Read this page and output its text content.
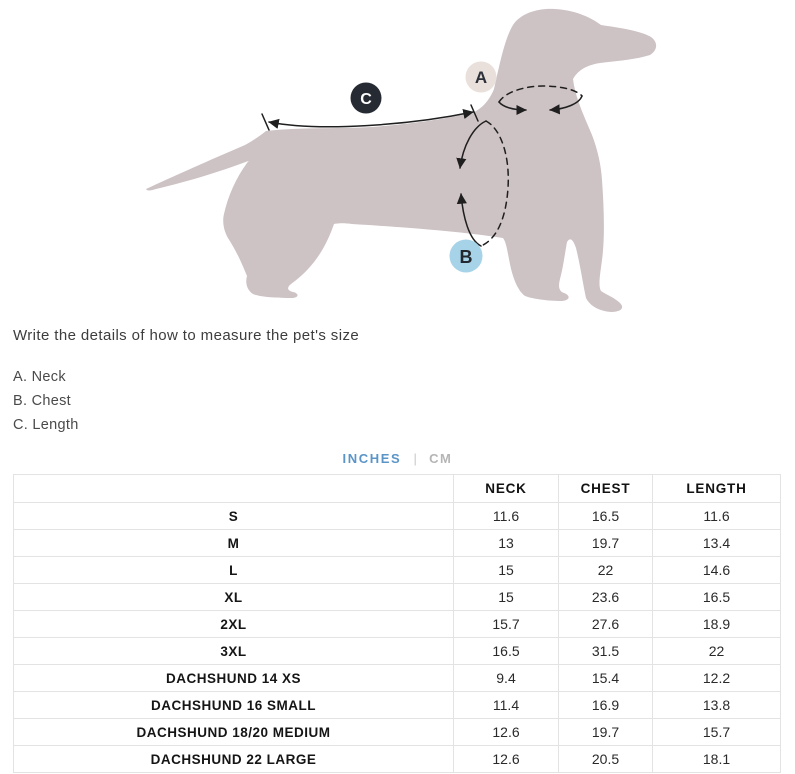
A
B
C
Write the details of how to measure the pet's size
A. Neck
B. Chest
C. Length
INCHES | CM
	NECK	CHEST	LENGTH
S	11.6	16.5	11.6
M	13	19.7	13.4
L	15	22	14.6
XL	15	23.6	16.5
2XL	15.7	27.6	18.9
3XL	16.5	31.5	22
DACHSHUND 14 XS	9.4	15.4	12.2
DACHSHUND 16 SMALL	11.4	16.9	13.8
DACHSHUND 18/20 MEDIUM	12.6	19.7	15.7
DACHSHUND 22 LARGE	12.6	20.5	18.1
